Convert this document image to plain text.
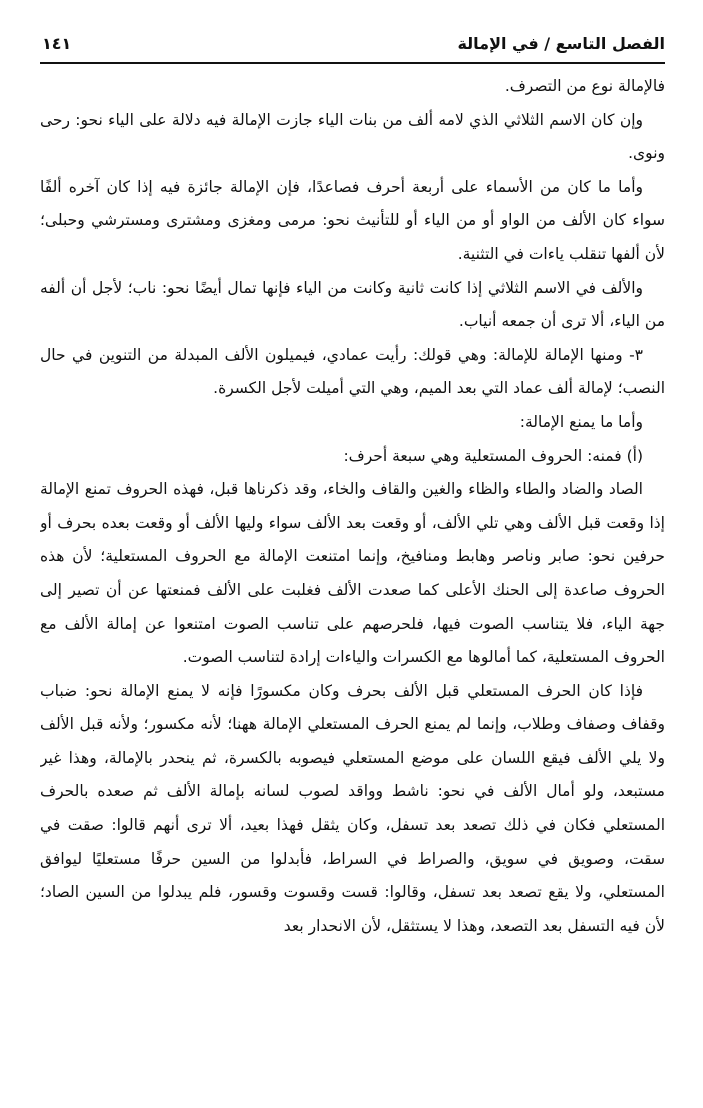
١٤١	الفصل التاسع / في الإمالة

فالإمالة نوع من التصرف.

وإن كان الاسم الثلاثي الذي لامه ألف من بنات الياء جازت الإمالة فيه دلالة على الياء نحو: رحى ونوى.

وأما ما كان من الأسماء على أربعة أحرف فصاعدًا، فإن الإمالة جائزة فيه إذا كان آخره ألفًا سواء كان الألف من الواو أو من الياء أو للتأنيث نحو: مرمى ومغزى ومشترى ومسترشي وحبلى؛ لأن ألفها تنقلب ياءات في التثنية.

والألف في الاسم الثلاثي إذا كانت ثانية وكانت من الياء فإنها تمال أيضًا نحو: ناب؛ لأجل أن ألفه من الياء، ألا ترى أن جمعه أنياب.

٣- ومنها الإمالة للإمالة: وهي قولك: رأيت عمادي، فيميلون الألف المبدلة من التنوين في حال النصب؛ لإمالة ألف عماد التي بعد الميم، وهي التي أميلت لأجل الكسرة.

وأما ما يمنع الإمالة:

(أ) فمنه: الحروف المستعلية وهي سبعة أحرف:

الصاد والضاد والطاء والظاء والغين والقاف والخاء، وقد ذكرناها قبل، فهذه الحروف تمنع الإمالة إذا وقعت قبل الألف وهي تلي الألف، أو وقعت بعد الألف سواء وليها الألف أو وقعت بعده بحرف أو حرفين نحو: صابر وناصر وهابط ومنافيخ، وإنما امتنعت الإمالة مع الحروف المستعلية؛ لأن هذه الحروف صاعدة إلى الحنك الأعلى كما صعدت الألف فغلبت على الألف فمنعتها عن أن تصير إلى جهة الياء، فلا يتناسب الصوت فيها، فلحرصهم على تناسب الصوت امتنعوا عن إمالة الألف مع الحروف المستعلية، كما أمالوها مع الكسرات والياءات إرادة لتناسب الصوت.

فإذا كان الحرف المستعلي قبل الألف بحرف وكان مكسورًا فإنه لا يمنع الإمالة نحو: ضباب وقفاف وصفاف وطلاب، وإنما لم يمنع الحرف المستعلي الإمالة ههنا؛ لأنه مكسور؛ ولأنه قبل الألف ولا يلي الألف فيقع اللسان على موضع المستعلي فيصوبه بالكسرة، ثم ينحدر بالإمالة، وهذا غير مستبعد، ولو أمال الألف في نحو: ناشط وواقد لصوب لسانه بإمالة الألف ثم صعده بالحرف المستعلي فكان في ذلك تصعد بعد تسفل، وكان يثقل فهذا بعيد، ألا ترى أنهم قالوا: صقت في سقت، وصويق في سويق، والصراط في السراط، فأبدلوا من السين حرفًا مستعليًا ليوافق المستعلي، ولا يقع تصعد بعد تسفل، وقالوا: قست وقسوت وقسور، فلم يبدلوا من السين الصاد؛ لأن فيه التسفل بعد التصعد، وهذا لا يستثقل، لأن الانحدار بعد
